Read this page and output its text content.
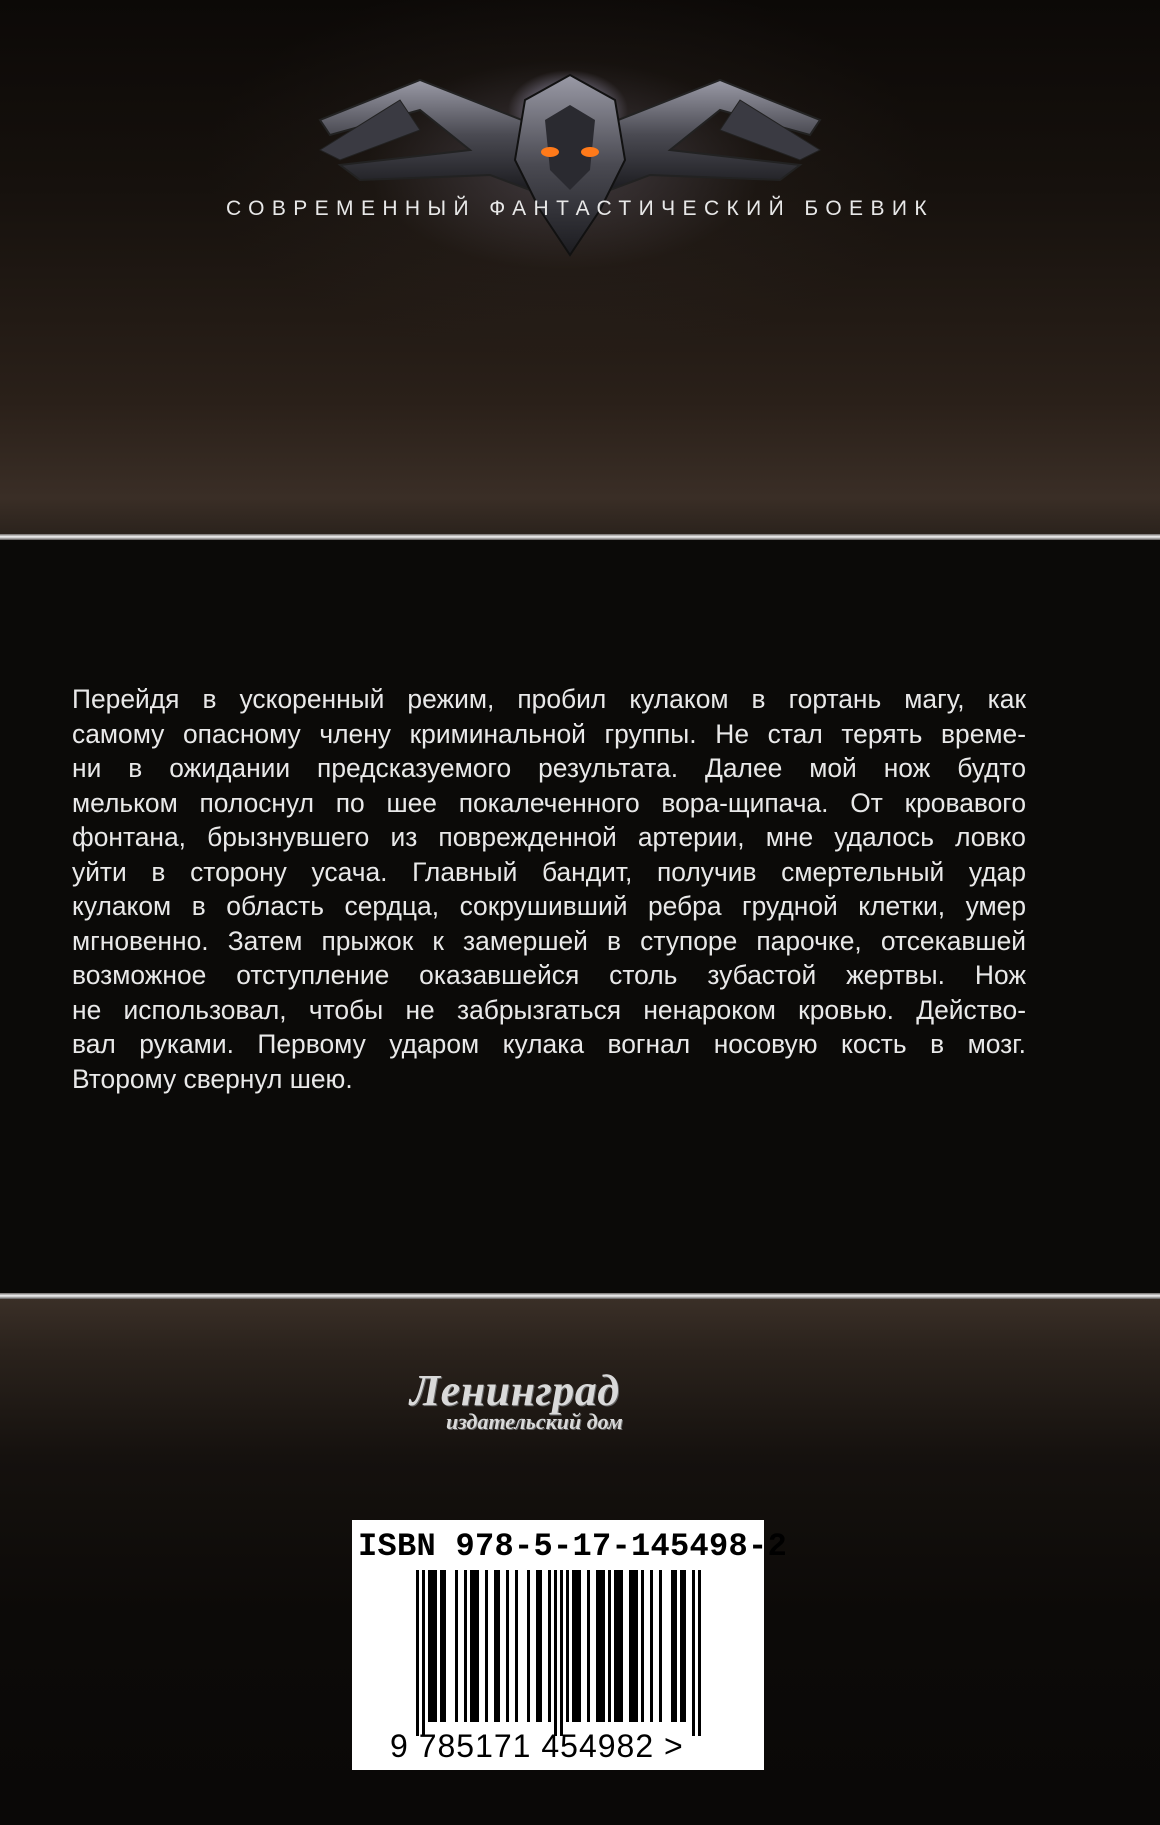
СОВРЕМЕННЫЙ ФАНТАСТИЧЕСКИЙ БОЕВИК

Перейдя в ускоренный режим, пробил кулаком в гортань магу, как
самому опасному члену криминальной группы. Не стал терять време-
ни в ожидании предсказуемого результата. Далее мой нож будто
мельком полоснул по шее покалеченного вора-щипача. От кровавого
фонтана, брызнувшего из поврежденной артерии, мне удалось ловко
уйти в сторону усача. Главный бандит, получив смертельный удар
кулаком в область сердца, сокрушивший ребра грудной клетки, умер
мгновенно. Затем прыжок к замершей в ступоре парочке, отсекавшей
возможное отступление оказавшейся столь зубастой жертвы. Нож
не использовал, чтобы не забрызгаться ненароком кровью. Действо-
вал руками. Первому ударом кулака вогнал носовую кость в мозг.
Второму свернул шею.

Ленинград
издательский дом
ISBN 978-5-17-145498-2
9 785171 454982 >
